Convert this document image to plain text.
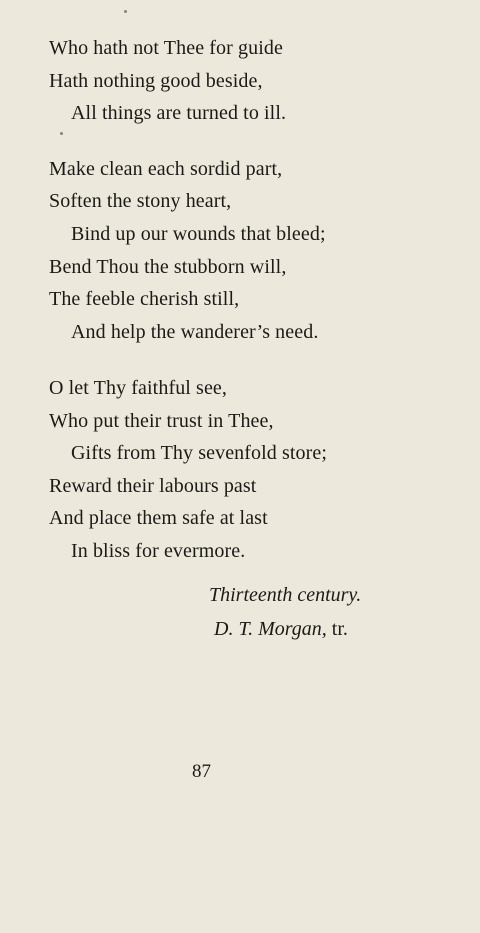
Who hath not Thee for guide
Hath nothing good beside,
All things are turned to ill.
Make clean each sordid part,
Soften the stony heart,
Bind up our wounds that bleed;
Bend Thou the stubborn will,
The feeble cherish still,
And help the wanderer’s need.
O let Thy faithful see,
Who put their trust in Thee,
Gifts from Thy sevenfold store;
Reward their labours past
And place them safe at last
In bliss for evermore.
Thirteenth century.
D. T. Morgan, tr.
87
